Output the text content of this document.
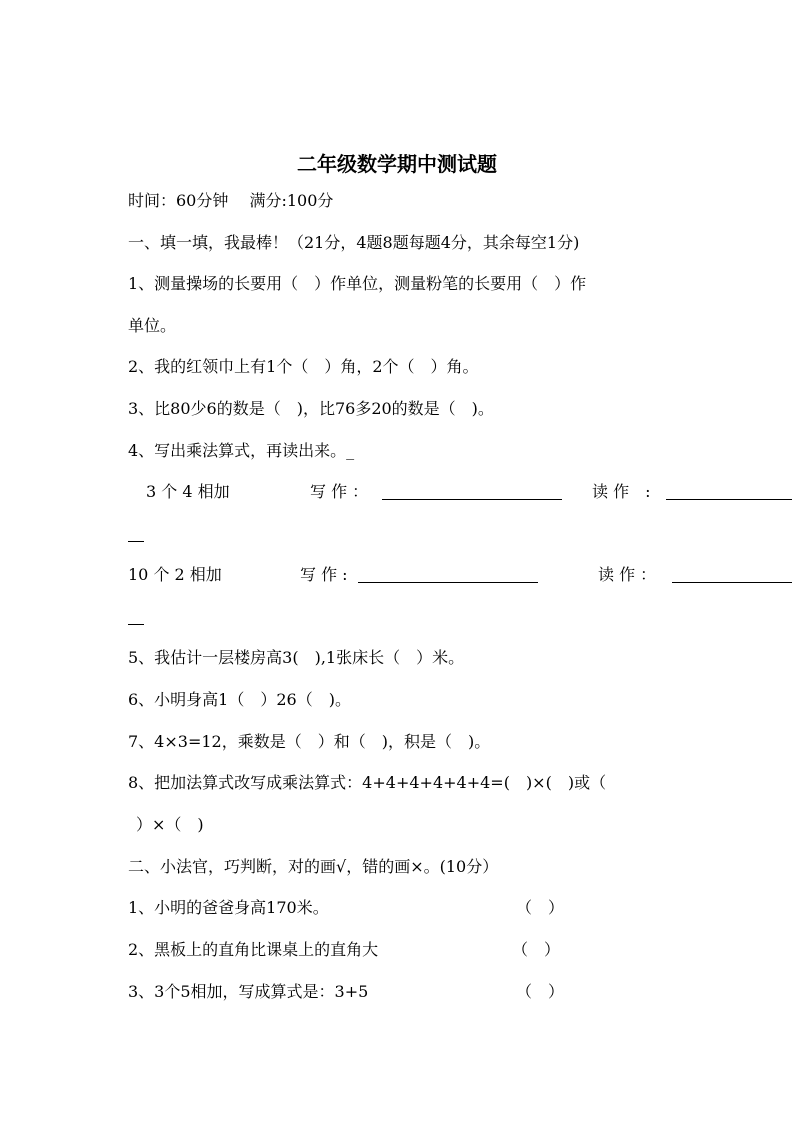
二年级数学期中测试题
时间：60分钟　 满分:100分
一、填一填，我最棒！（21分，4题8题每题4分，其余每空1分)
1、测量操场的长要用（　）作单位，测量粉笔的长要用（　）作
单位。
2、我的红领巾上有1个（　）角，2个（　）角。
3、比80少6的数是（　)，比76多20的数是（　)。
4、写出乘法算式，再读出来。_
3 个 4 相加	写 作 ：	读 作　:
10 个 2 相加	写 作 :	读 作 ：
5、我估计一层楼房高3(　),1张床长（　）米。
6、小明身高1（　）26（　)。
7、4×3=12，乘数是（　）和（　)，积是（　)。
8、把加法算式改写成乘法算式：4+4+4+4+4+4=(　)×(　)或（
）×（　)
二、小法官，巧判断，对的画√，错的画×。(10分）
1、小明的爸爸身高170米。	（　）
2、黑板上的直角比课桌上的直角大	（　）
3、3个5相加，写成算式是：3+5	（　）
